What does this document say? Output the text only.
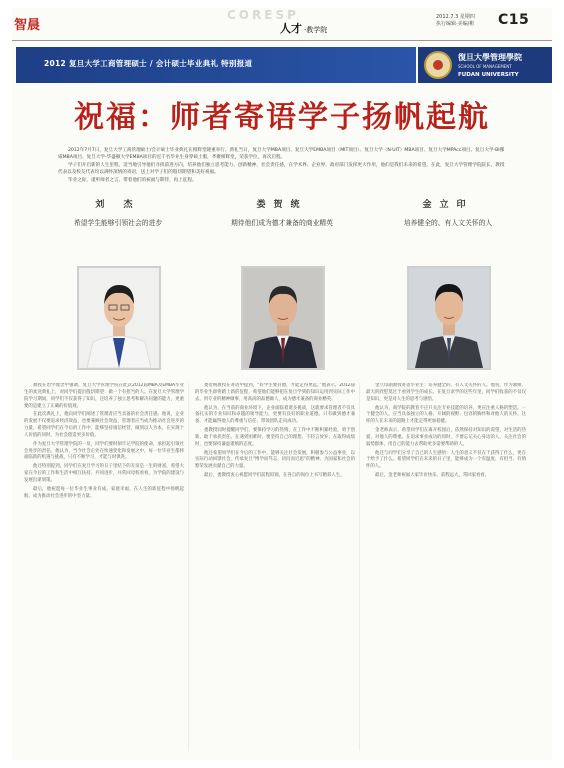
智晨
CORESP
人才 ·教学院
2012.7.3 星期四
执行编辑·美编/彬	C15
2012 复旦大学工商管理硕士 / 会计硕士毕业典礼 特别报道
復旦大學管理學院
SCHOOL OF MANAGEMENT
FUDAN UNIVERSITY
祝福：师者寄语学子扬帆起航

2012年7月7日，复旦大学工商管理硕士/会计硕士毕业典礼在相辉堂隆重举行。典礼当日，复旦大学MBA项目、复旦大学EMBA项目（MIT项目）、复旦大学（N·UIT）MBA项目、复旦大学MPAcc项目、复旦大学-BI挪威MBA项目、复旦大学-华盛顿大学EMBA项目的近千名毕业生身穿硕士服，齐聚相辉堂，荣获学位，再次启程。

学子们开启新的人生里程，适当地引导他们寻找前进方向，培养他们独立思考能力、创新精神、社会责任感，在学术界、企业界、政府部门发挥更大作用，他们是我们未来的希望。在此，复旦大学管理学院院长、教授代表以及校友代表均以满怀深情的寄语，送上对学子们的殷切期望和美好祝福。

毕业之际，谨听师者之言，带着他们的祝福与期待，再上征程。

刘 杰
希望学生能够引领社会的进步
娄贺统
期待他们成为德才兼备的商业精英
金立印
培养健全的、有人文关怀的人

教授在治学理念中强调，复旦大学管理学院在此次2012届MBA及EMBA毕业生的欢送典礼上，对同学们提出殷切期望：做一个有担当的人。在复旦大学管理学院学习期间，同学们不仅获得了知识，还培养了独立思考和解决问题的能力，更重要的是建立了正确的价值观。

在此次典礼上，他向同学们阐述了管理者应当具备的社会责任感。他说，企业的发展不仅要追求经济效益，也要兼顾社会效益，管理者应当成为推动社会进步的力量。希望同学们在今后的工作中，能够坚持诚信经营，做到以人为本，在实现个人价值的同时，为社会创造更多价值。

作为复旦大学管理学院的一员，同学们要时刻牢记学院的使命，承担起引领社会进步的责任。他认为，当今社会正处在快速变化和发展之中，每一位毕业生都将面临新的机遇与挑战，只有不断学习，才能与时俱进。

他还特别提到，同学们在复旦学习的日子里结下的友谊是一生的财富，希望大家在今后的工作和生活中相互扶持、共同进步，并常回母校看看，为学院的建设与发展出谋划策。

最后，他祝愿每一位毕业生事业有成、家庭幸福，在人生的新征程中扬帆起航，成为推动社会进步的中坚力量。

娄贺统教授在寄语中提到，“好学生要有德，才能走得更远。”他表示，2012届的毕业生即将踏上新的征程，希望他们能够把在复旦学到的知识运用到实际工作中去，用专业的精神做事，用高尚的品德做人，成为德才兼备的商业精英。

他认为，在当前的商业环境下，企业面临着诸多挑战，这就要求管理者不仅具备扎实的专业知识和卓越的领导能力，更要有良好的职业道德。只有做到德才兼备，才能赢得他人的尊重与信任，带领团队走向成功。

娄教授同时提醒同学们，要保持学习的热情，在工作中不断积累经验，勇于创新，敢于承担责任。在遇到困难时，要坚持自己的理想，不轻言放弃；在取得成绩时，也要保持谦虚谨慎的态度。

他还希望同学们在今后的工作中，能够关注社会发展，积极参与公益事业，以实际行动回馈社会，传承复旦“博学而笃志，切问而近思”的精神，为国家和社会的繁荣发展贡献自己的力量。

最后，娄教授衷心祝愿同学们前程似锦，在各自的岗位上书写精彩人生。

金立印副教授寄语毕业生：培养健全的、有人文关怀的人。他说，作为教师，最大的欣慰莫过于看到学生的成长。在复旦求学的这些年里，同学们收获的不仅仅是知识，更是对人生的思考与感悟。

他认为，商学院的教育不应只关注专业技能的培养，更应注重人格的塑造。一个健全的人，应当具备独立的人格、开阔的视野、包容的胸怀和对他人的关怀。这样的人在未来的道路上才能走得更加稳健。

金老师表示，希望同学们在离开校园后，依然保持对知识的渴望，对生活的热爱，对他人的尊重。在追求事业成功的同时，不要忘记关心身边的人，关注社会的弱势群体，用自己的能力去帮助更多需要帮助的人。

他还与同学们分享了自己的人生感悟：人生的意义不仅在于获得了什么，更在于给予了什么。希望同学们在未来的日子里，能够成为一个有温度、有担当、有情怀的人。

最后，金老师祝福大家毕业快乐，前程远大，常回家看看。
